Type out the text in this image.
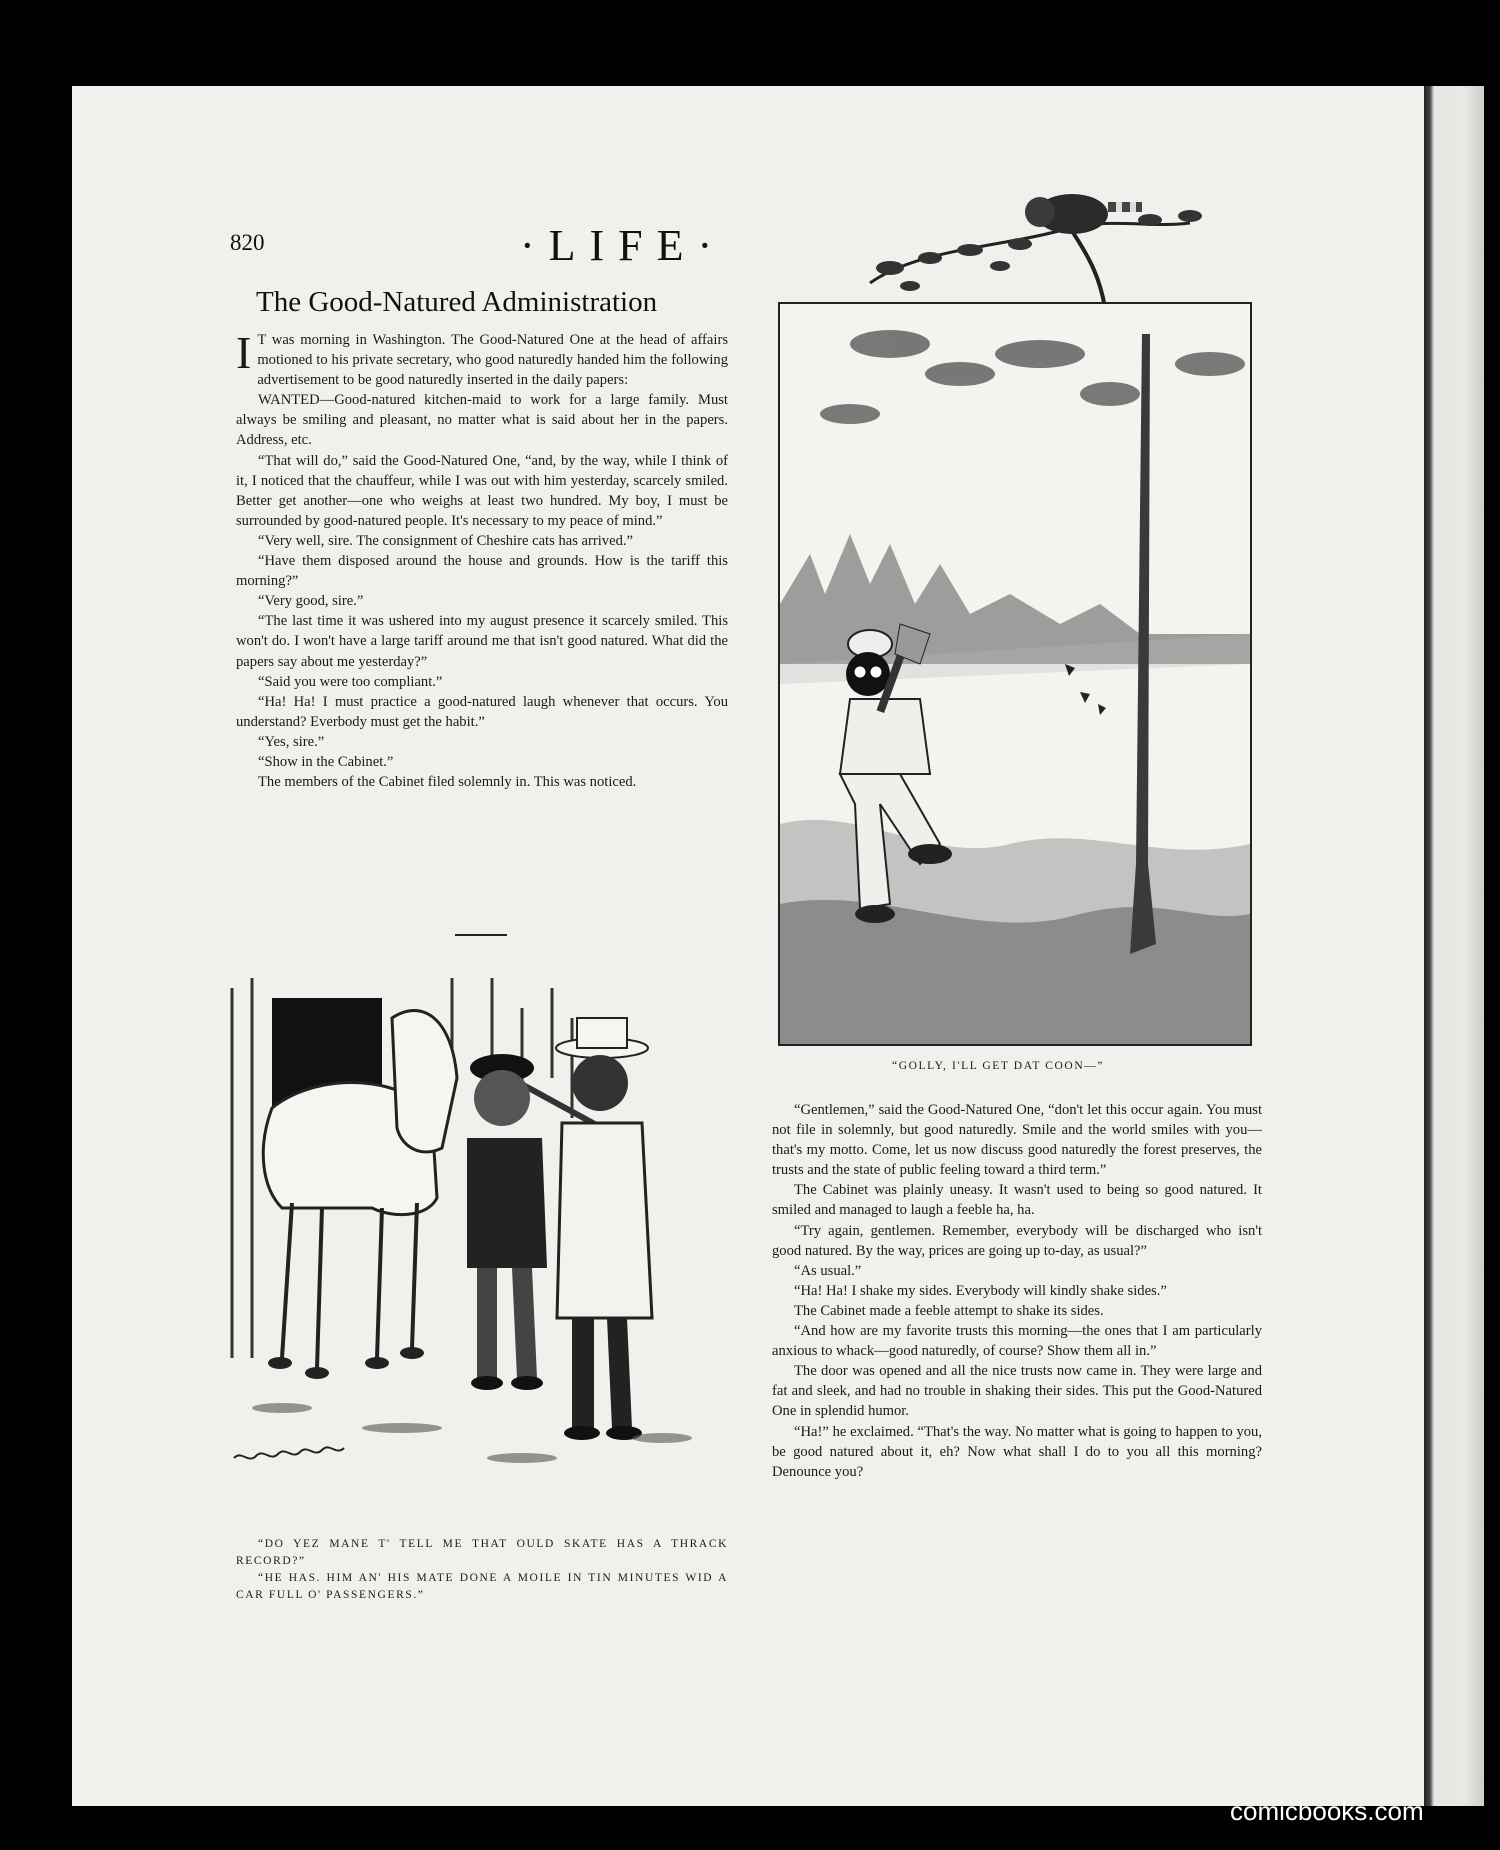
820	·LIFE·
The Good-Natured Administration

I T was morning in Washington. The Good-Natured One at the head of affairs motioned to his private secretary, who good naturedly handed him the following advertisement to be good naturedly inserted in the daily papers:

WANTED—Good-natured kitchen-maid to work for a large family. Must always be smiling and pleasant, no matter what is said about her in the papers. Address, etc.

“That will do,” said the Good-Natured One, “and, by the way, while I think of it, I noticed that the chauffeur, while I was out with him yesterday, scarcely smiled. Better get another—one who weighs at least two hundred. My boy, I must be surrounded by good-natured people. It's necessary to my peace of mind.”

“Very well, sire. The consignment of Cheshire cats has arrived.”

“Have them disposed around the house and grounds. How is the tariff this morning?”

“Very good, sire.”

“The last time it was ushered into my august presence it scarcely smiled. This won't do. I won't have a large tariff around me that isn't good natured. What did the papers say about me yesterday?”

“Said you were too compliant.”

“Ha! Ha! I must practice a good-natured laugh whenever that occurs. You understand? Everbody must get the habit.”

“Yes, sire.”

“Show in the Cabinet.”

The members of the Cabinet filed solemnly in. This was noticed.

“GOLLY, I'LL GET DAT COON—”

“DO YEZ MANE T' TELL ME THAT OULD SKATE HAS A THRACK RECORD?”

“HE HAS. HIM AN' HIS MATE DONE A MOILE IN TIN MINUTES WID A CAR FULL O' PASSENGERS.”

“Gentlemen,” said the Good-Natured One, “don't let this occur again. You must not file in solemnly, but good naturedly. Smile and the world smiles with you—that's my motto. Come, let us now discuss good naturedly the forest preserves, the trusts and the state of public feeling toward a third term.”

The Cabinet was plainly uneasy. It wasn't used to being so good natured. It smiled and managed to laugh a feeble ha, ha.

“Try again, gentlemen. Remember, everybody will be discharged who isn't good natured. By the way, prices are going up to-day, as usual?”

“As usual.”

“Ha! Ha! I shake my sides. Everybody will kindly shake sides.”

The Cabinet made a feeble attempt to shake its sides.

“And how are my favorite trusts this morning—the ones that I am particularly anxious to whack—good naturedly, of course? Show them all in.”

The door was opened and all the nice trusts now came in. They were large and fat and sleek, and had no trouble in shaking their sides. This put the Good-Natured One in splendid humor.

“Ha!” he exclaimed. “That's the way. No matter what is going to happen to you, be good natured about it, eh? Now what shall I do to you all this morning? Denounce you?

comicbooks.com
